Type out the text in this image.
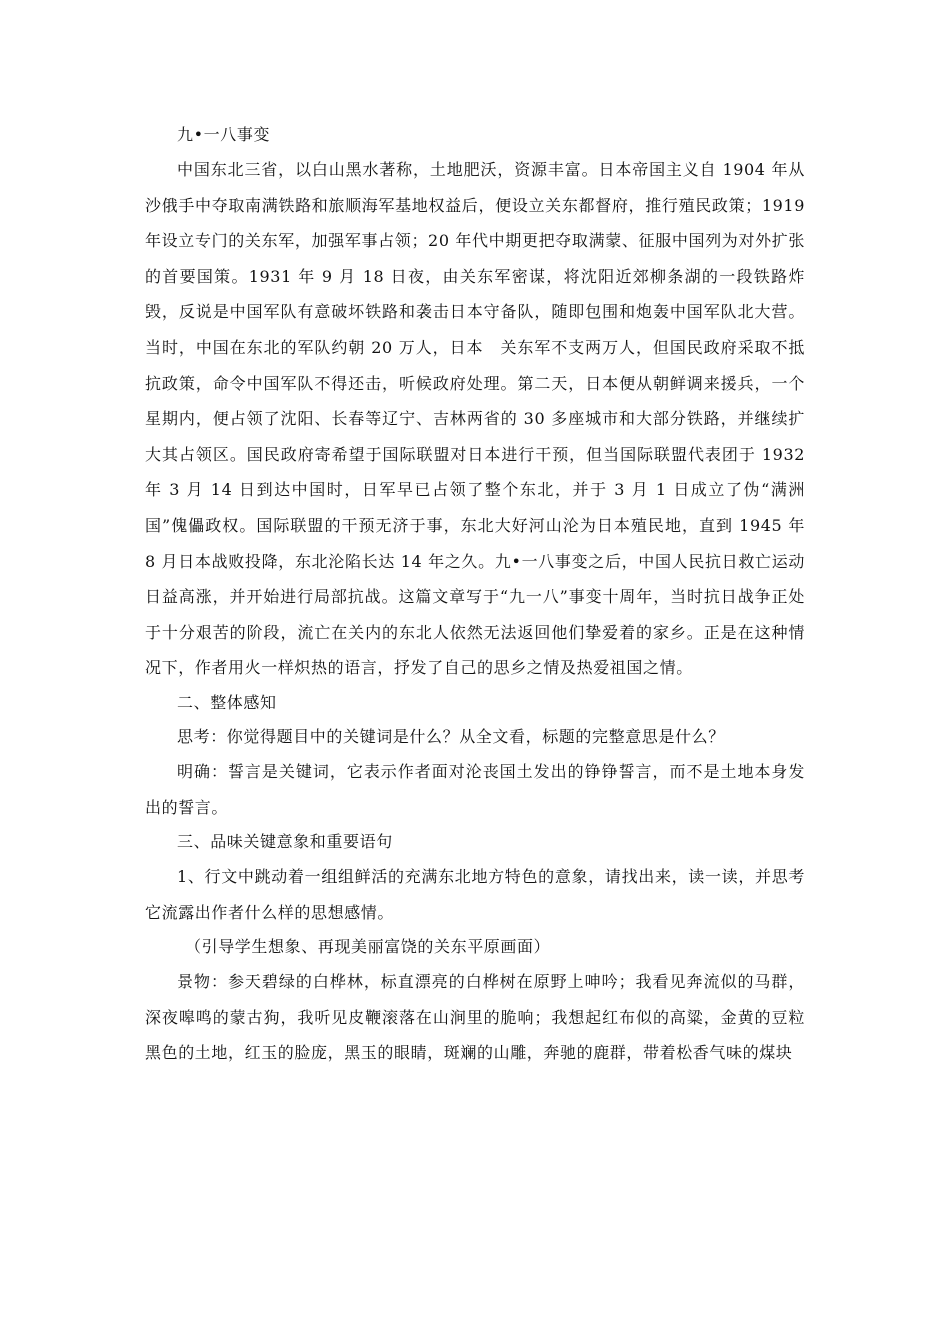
九•一八事变

中国东北三省，以白山黑水著称，土地肥沃，资源丰富。日本帝国主义自 1904 年从沙俄手中夺取南满铁路和旅顺海军基地权益后，便设立关东都督府，推行殖民政策；1919 年设立专门的关东军，加强军事占领；20 年代中期更把夺取满蒙、征服中国列为对外扩张的首要国策。1931 年 9 月 18 日夜，由关东军密谋，将沈阳近郊柳条湖的一段铁路炸毁，反说是中国军队有意破坏铁路和袭击日本守备队，随即包围和炮轰中国军队北大营。当时，中国在东北的军队约朝 20 万人，日本　关东军不支两万人，但国民政府采取不抵抗政策，命令中国军队不得还击，听候政府处理。第二天，日本便从朝鲜调来援兵，一个星期内，便占领了沈阳、长春等辽宁、吉林两省的 30 多座城市和大部分铁路，并继续扩大其占领区。国民政府寄希望于国际联盟对日本进行干预，但当国际联盟代表团于 1932 年 3 月 14 日到达中国时，日军早已占领了整个东北，并于 3 月 1 日成立了伪“满洲国”傀儡政权。国际联盟的干预无济于事，东北大好河山沦为日本殖民地，直到 1945 年 8 月日本战败投降，东北沦陷长达 14 年之久。九•一八事变之后，中国人民抗日救亡运动日益高涨，并开始进行局部抗战。这篇文章写于“九一八”事变十周年，当时抗日战争正处于十分艰苦的阶段，流亡在关内的东北人依然无法返回他们挚爱着的家乡。正是在这种情况下，作者用火一样炽热的语言，抒发了自己的思乡之情及热爱祖国之情。

二、整体感知

思考：你觉得题目中的关键词是什么？从全文看，标题的完整意思是什么？

明确：誓言是关键词，它表示作者面对沦丧国土发出的铮铮誓言，而不是土地本身发出的誓言。

三、品味关键意象和重要语句

1、行文中跳动着一组组鲜活的充满东北地方特色的意象，请找出来，读一读，并思考它流露出作者什么样的思想感情。

（引导学生想象、再现美丽富饶的关东平原画面）

景物：参天碧绿的白桦林，标直漂亮的白桦树在原野上呻吟；我看见奔流似的马群，深夜嗥鸣的蒙古狗，我听见皮鞭滚落在山涧里的脆响；我想起红布似的高粱，金黄的豆粒黑色的土地，红玉的脸庞，黑玉的眼睛，斑斓的山雕，奔驰的鹿群，带着松香气味的煤块
